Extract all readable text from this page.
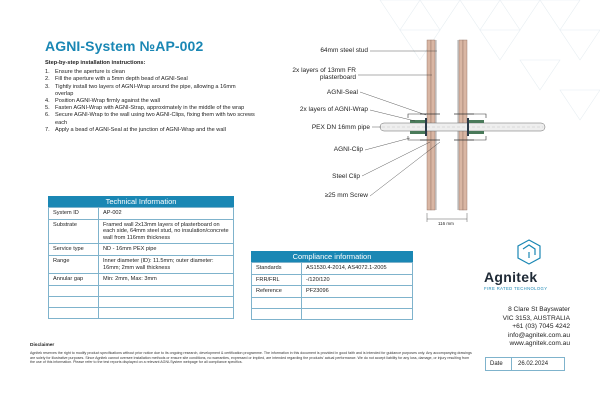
AGNI-System №AP-002
Step-by-step installation instructions:
1. Ensure the aperture is clean
2. Fill the aperture with a 5mm depth bead of AGNI-Seal
3. Tightly install two layers of AGNI-Wrap around the pipe, allowing a 16mm overlap
4. Position AGNI-Wrap firmly against the wall
5. Fasten AGNI-Wrap with AGNI-Strap, approximately in the middle of the wrap
6. Secure AGNI-Wrap to the wall using two AGNI-Clips, fixing them with two screws each
7. Apply a bead of AGNI-Seal at the junction of AGNI-Wrap and the wall
Technical Information
System ID	AP-002
Substrate	Framed wall 2x13mm layers of plasterboard on each side, 64mm steel stud, no insulation/concrete wall from 116mm thickness
Service type	ND - 16mm PEX pipe
Range	Inner diameter (ID): 11.5mm; outer diameter: 16mm; 2mm wall thickness
Annular gap	Min: 2mm, Max: 3mm

Compliance information
Standards	AS1530.4-2014, AS4072.1-2005
FRR/FRL	-/120/120
Reference	PF23096

64mm steel stud
2x layers of 13mm FR plasterboard
AGNI-Seal
2x layers of AGNI-Wrap
PEX DN 16mm pipe
AGNI-Clip
Steel Clip
≥25 mm Screw
116 mm
Agnitek
FIRE RATED TECHNOLOGY
8 Clare St Bayswater
VIC 3153, AUSTRALIA
+61 (03) 7045 4242
info@agnitek.com.au
www.agnitek.com.au
Disclaimer
Agnitek reserves the right to modify product specifications without prior notice due to its ongoing research, development & certification programme. The information in this document is provided in good faith and is intended for guidance purposes only. Any accompanying drawings are solely for illustrative purposes. Since Agnitek cannot oversee installation methods or ensure site conditions, no warranties, expressed or implied, are intended regarding the products' actual performance. We do not accept liability for any loss, damage, or injury resulting from the use of this information. Please refer to the test reports displayed on a relevant AGNI-System webpage for all compliance specifics.	Date	26.02.2024
